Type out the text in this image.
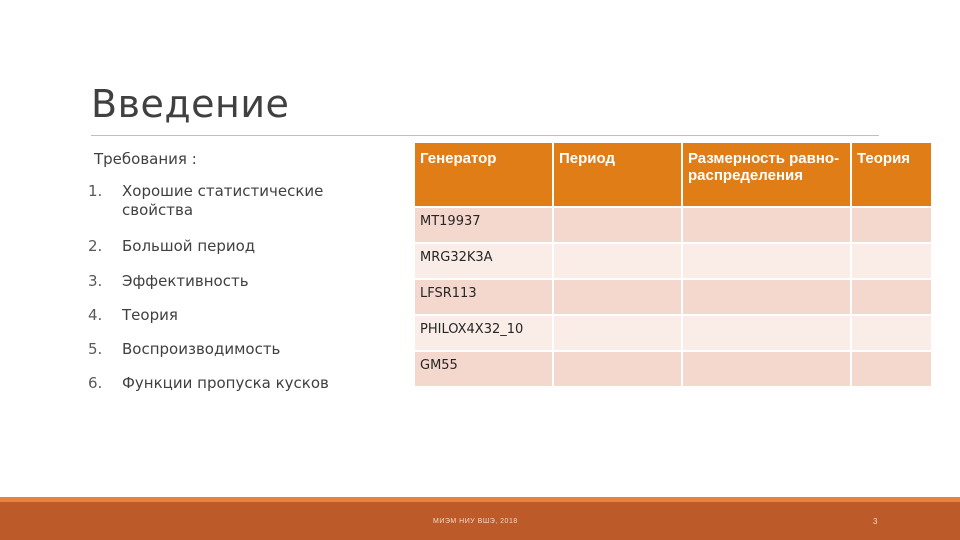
Введение
Требования :
1.	Хорошие статистические свойства
2.	Большой период
3.	Эффективность
4.	Теория
5.	Воспроизводимость
6.	Функции пропуска кусков
Генератор	Период	Размерность равно-распределения	Теория
MT19937			
MRG32K3A			
LFSR113			
PHILOX4X32_10			
GM55			
МИЭМ НИУ ВШЭ, 2018	3
